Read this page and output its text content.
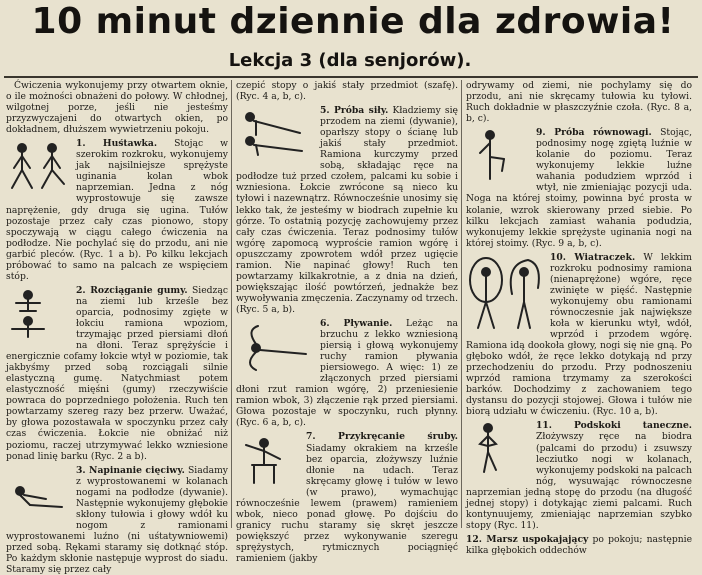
10 minut dziennie dla zdrowia!
Lekcja 3 (dla senjorów).

Ćwiczenia wykonujemy przy otwartem oknie, o ile możności obnażeni do połowy. W chłodnej, wilgotnej porze, jeśli nie jesteśmy przyzwyczajeni do otwartych okien, po dokładnem, dłuższem wywietrzeniu pokoju.

1. Huśtawka. Stojąc w szerokim rozkroku, wykonujemy jak najsilniejsze sprężyste uginania kolan wbok naprzemian. Jedna z nóg wyprostowuje się zawsze naprężenie, gdy druga się ugina. Tułów pozostaje przez cały czas pionowo, stopy spoczywają w ciągu całego ćwiczenia na podłodze. Nie pochylać się do przodu, ani nie garbić pleców. (Ryc. 1 a b). Po kilku lekcjach próbować to samo na palcach ze wspięciem stóp.
2. Rozciąganie gumy. Siedząc na ziemi lub krześle bez oparcia, podnosimy zgięte w łokciu ramiona wpoziom, trzymając przed piersiami dłoń na dłoni. Teraz sprężyście i energicznie cofamy łokcie wtył w poziomie, tak jakbyśmy przed sobą rozciągali silnie elastyczną gumę. Natychmiast potem elastyczność mięśni (gumy) rzeczywiście powraca do poprzedniego położenia. Ruch ten powtarzamy szereg razy bez przerw. Uważać, by głowa pozostawała w spoczynku przez cały czas ćwiczenia. Łokcie nie obniżać niż poziomu, raczej utrzymywać lekko wzniesione ponad linię barku (Ryc. 2 a b).
3. Napinanie cięciwy. Siadamy z wyprostowanemi w kolanach nogami na podłodze (dywanie). Następnie wykonujemy głębokie skłony tułowia i głowy wdół ku nogom z ramionami wyprostowanemi luźno (ni uśtatywniowemi) przed sobą. Rękami staramy się dotknąć stóp. Po każdym skłonie następuje wyprost do siadu. Staramy się przez cały

czepić stopy o jakiś stały przedmiot (szafę). (Ryc. 4 a, b, c).

5. Próba siły. Kładziemy się przodem na ziemi (dywanie), oparłszy stopy o ścianę lub jakiś stały przedmiot. Ramiona kurczymy przed sobą, składając ręce na podłodze tuż przed czołem, palcami ku sobie i wzniesiona. Łokcie zwrócone są nieco ku tyłowi i nazewnątrz. Równocześnie unosimy się lekko tak, że jesteśmy w biodrach zupełnie ku górze. To ostatnią pozycję zachowujemy przez cały czas ćwiczenia. Teraz podnosimy tułów wgórę zapomocą wyproście ramion wgórę i opuszczamy zpowrotem wdół przez ugięcie ramion. Nie napinać głowy! Ruch ten powtarzamy kilkakrotnie, a z dnia na dzień, powiększając ilość powtórzeń, jednakże bez wywoływania zmęczenia. Zaczynamy od trzech. (Ryc. 5 a, b).
6. Pływanie. Leżąc na brzuchu z lekko wzniesioną piersią i głową wykonujemy ruchy ramion pływania piersiowego. A więc: 1) ze złączonych przed piersiami dłoni rzut ramion wgórę, 2) przeniesienie ramion wbok, 3) złączenie rąk przed piersiami. Głowa pozostaje w spoczynku, ruch płynny. (Ryc. 6 a, b, c).
7. Przykręcanie śruby. Siadamy okrakiem na krześle bez oparcia, złożywszy luźnie dłonie na udach. Teraz skręcamy głowę i tułów w lewo (w prawo), wymachując równocześnie lewem (prawem) ramieniem wbok, nieco ponad głowę. Po dojściu do granicy ruchu staramy się skręt jeszcze powiększyć przez wykonywanie szeregu sprężystych, rytmicznych pociągnięć ramieniem (jakby

odrywamy od ziemi, nie pochylamy się do przodu, ani nie skręcamy tułowia ku tyłowi. Ruch dokładnie w płaszczyźnie czoła. (Ryc. 8 a, b, c).

9. Próba równowagi. Stojąc, podnosimy nogę zgiętą luźnie w kolanie do poziomu. Teraz wykonujemy lekkie luźne wahania podudziem wprzód i wtył, nie zmieniając pozycji uda. Noga na której stoimy, powinna być prosta w kolanie, wzrok skierowany przed siebie. Po kilku lekcjach zamiast wahania podudzia, wykonujemy lekkie sprężyste uginania nogi na której stoimy. (Ryc. 9 a, b, c).
10. Wiatraczek. W lekkim rozkroku podnosimy ramiona (nienaprężone) wgóre, ręce zwinięte w pięść. Następnie wykonujemy obu ramionami równoczesnie jak największe koła w kierunku wtył, wdół, wprzód i przodem wgórę. Ramiona idą dookoła głowy, nogi się nie gną. Po głęboko wdół, że ręce lekko dotykają nd przy przechodzeniu do przodu. Przy podnoszeniu wprzód ramiona trzymamy za szerokości barków. Dochodzimy z zachowaniem tego dystansu do pozycji stojowej. Głowa i tułów nie biorą udziału w ćwiczeniu. (Ryc. 10 a, b).
11. Podskoki taneczne. Złożywszy ręce na biodra (palcami do przodu) i zsuwszy lecziutko nogi w kolanach, wykonujemy podskoki na palcach nóg, wysuwając równoczesne naprzemian jedną stopę do przodu (na długość jednej stopy) i dotykając ziemi palcami. Ruch kontynuujemy, zmieniając naprzemian szybko stopy (Ryc. 11).
12. Marsz uspokajający po pokoju; następnie kilka głębokich oddechów
